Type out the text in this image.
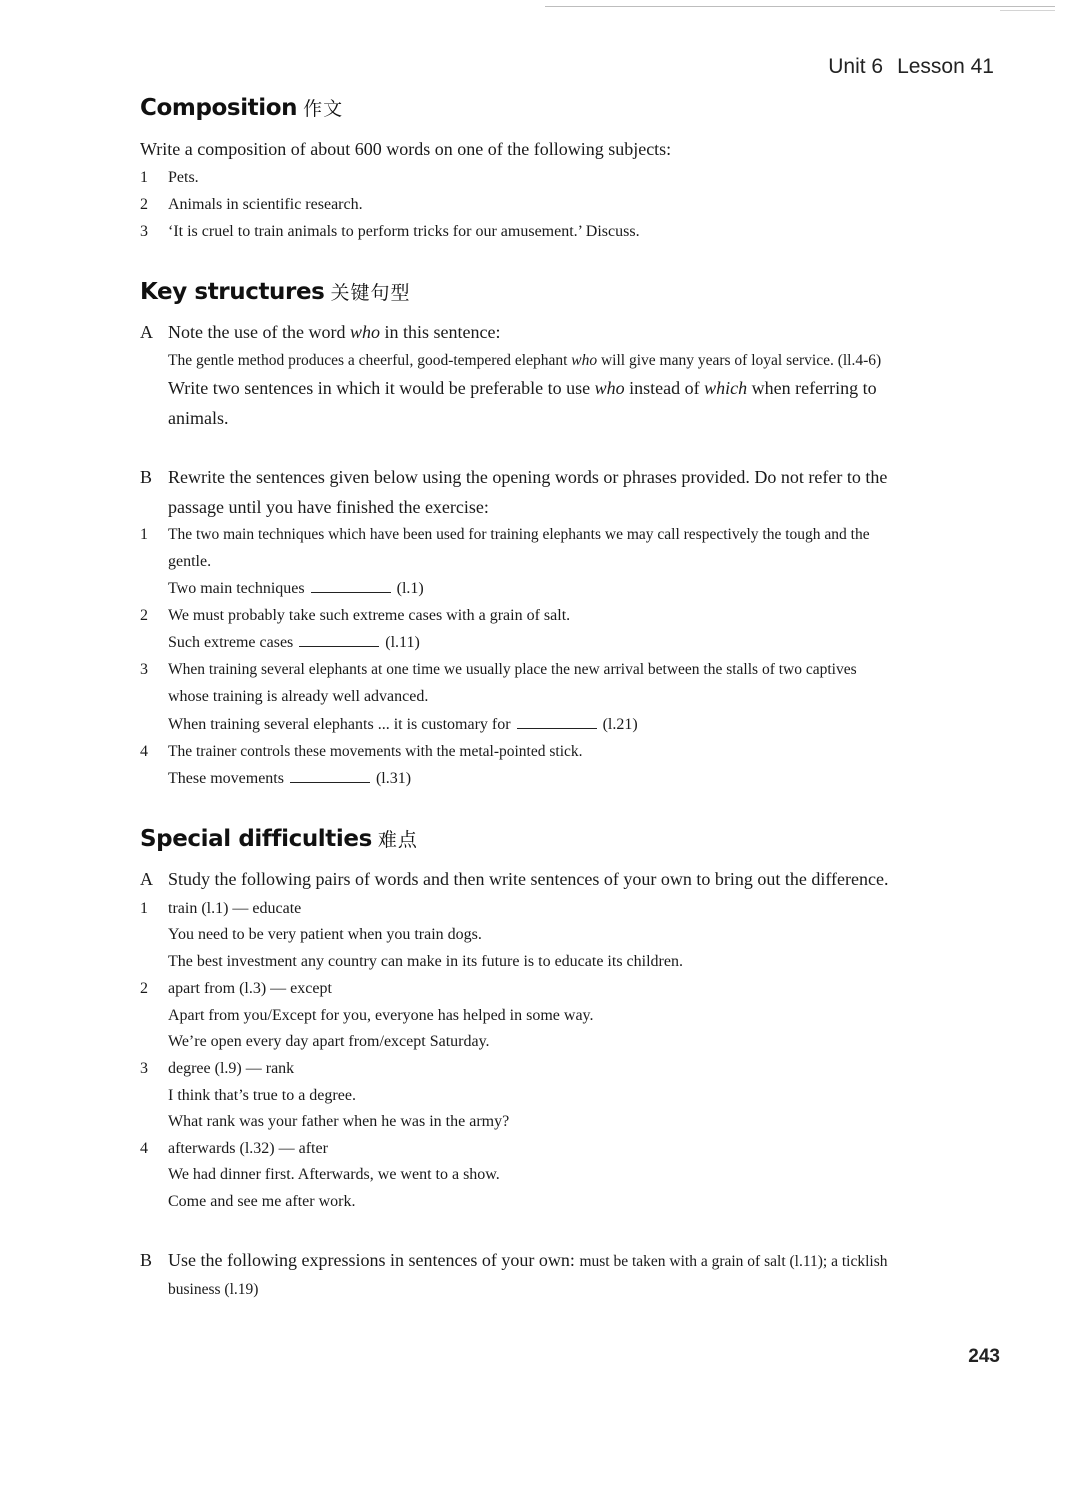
Unit 6 Lesson 41
Composition 作文
Write a composition of about 600 words on one of the following subjects:
1	Pets.
2	Animals in scientific research.
3	‘It is cruel to train animals to perform tricks for our amusement.’ Discuss.
Key structures 关键句型
A Note the use of the word who in this sentence:
The gentle method produces a cheerful, good-tempered elephant who will give many years of loyal service. (ll.4-6)
Write two sentences in which it would be preferable to use who instead of which when referring to
animals.
B Rewrite the sentences given below using the opening words or phrases provided. Do not refer to the
passage until you have finished the exercise:
1	The two main techniques which have been used for training elephants we may call respectively the tough and the
gentle.
Two main techniques	(l.1)
2	We must probably take such extreme cases with a grain of salt.
Such extreme cases	(l.11)
3	When training several elephants at one time we usually place the new arrival between the stalls of two captives
whose training is already well advanced.
When training several elephants ... it is customary for	(l.21)
4	The trainer controls these movements with the metal-pointed stick.
These movements	(l.31)
Special difficulties 难点
A Study the following pairs of words and then write sentences of your own to bring out the difference.
1	train (l.1) — educate
You need to be very patient when you train dogs.
The best investment any country can make in its future is to educate its children.
2	apart from (l.3) — except
Apart from you/Except for you, everyone has helped in some way.
We’re open every day apart from/except Saturday.
3	degree (l.9) — rank
I think that’s true to a degree.
What rank was your father when he was in the army?
4	afterwards (l.32) — after
We had dinner first. Afterwards, we went to a show.
Come and see me after work.
B Use the following expressions in sentences of your own: must be taken with a grain of salt (l.11); a ticklish
business (l.19)
243
